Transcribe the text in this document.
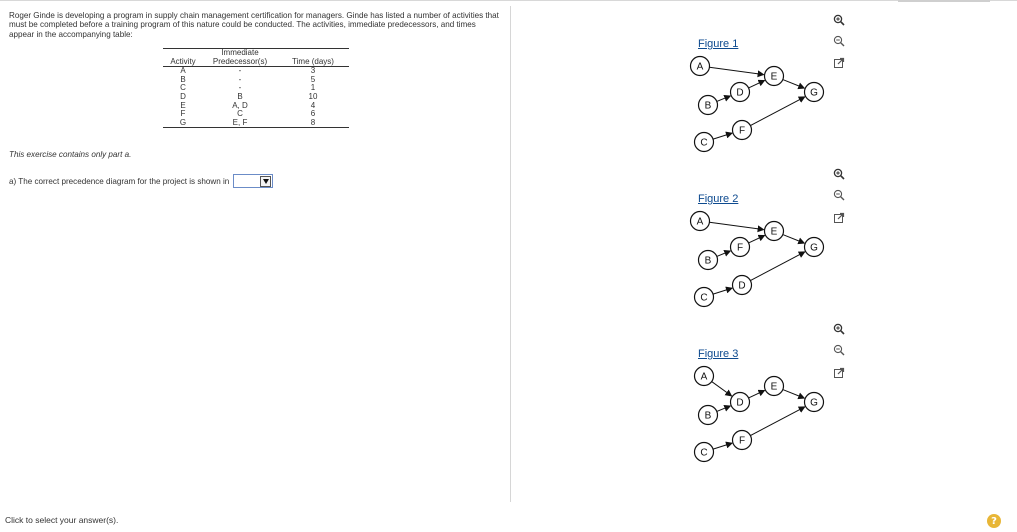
Roger Ginde is developing a program in supply chain management certification for managers. Ginde has listed a number of activities that must be completed before a training program of this nature could be conducted. The activities, immediate predecessors, and times appear in the accompanying table:

	Immediate	
Activity	Predecessor(s)	Time (days)
A	-	3
B	-	5
C	-	1
D	B	10
E	A, D	4
F	C	6
G	E, F	8

This exercise contains only part a.

a) The correct precedence diagram for the project is shown in

Click to select your answer(s).

Figure 1
A
B
C
D
E
F
G
Figure 2
A
B
C
D
E
F	G
Figure 3
A
B
C
D
E
F
G
?
